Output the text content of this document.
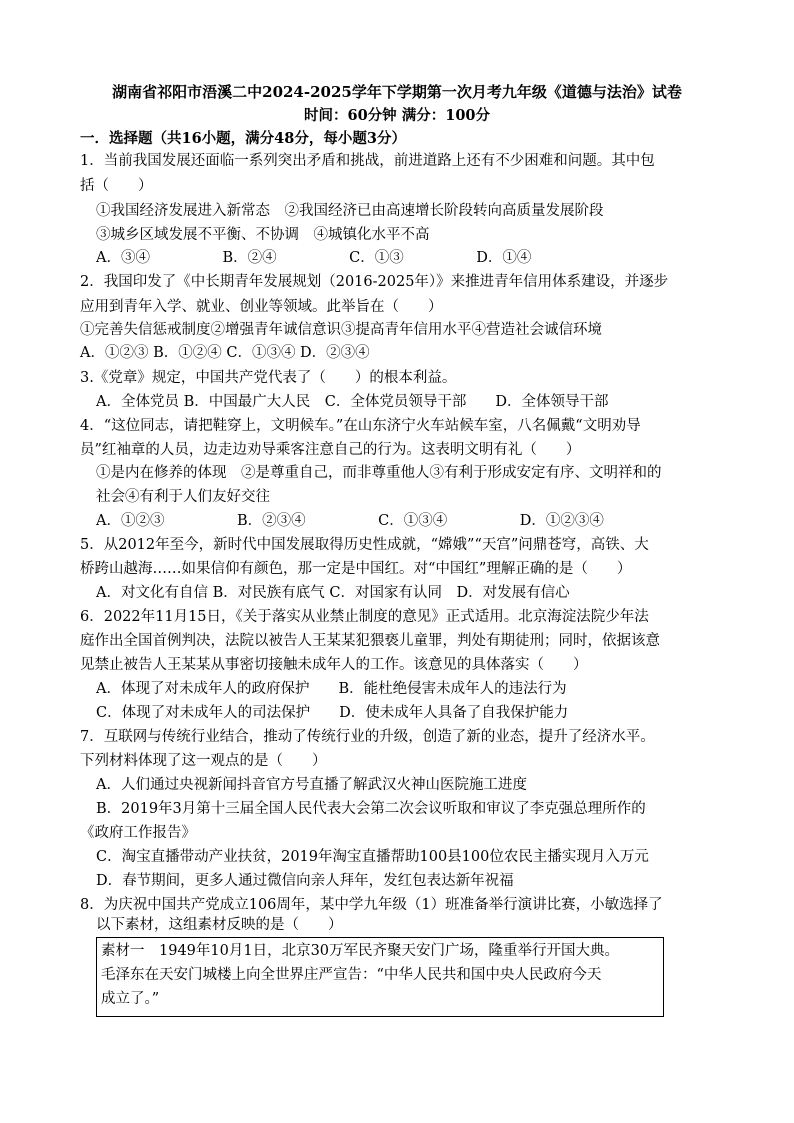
湖南省祁阳市浯溪二中2024-2025学年下学期第一次月考九年级《道德与法治》试卷
时间：60分钟 满分：100分
一．选择题（共16小题，满分48分，每小题3分）
1．当前我国发展还面临一系列突出矛盾和挑战，前进道路上还有不少困难和问题。其中包
括（　　）
①我国经济发展进入新常态　②我国经济已由高速增长阶段转向高质量发展阶段
③城乡区域发展不平衡、不协调　④城镇化水平不高
A．③④　　　　　B．②④　　　　　C．①③　　　　　D．①④
2．我国印发了《中长期青年发展规划（2016-2025年）》来推进青年信用体系建设，并逐步
应用到青年入学、就业、创业等领域。此举旨在（　　）
①完善失信惩戒制度②增强青年诚信意识③提高青年信用水平④营造社会诚信环境
A．①②③ B．①②④ C．①③④ D．②③④
3.《党章》规定，中国共产党代表了（　　）的根本利益。
A．全体党员 B．中国最广大人民　C．全体党员领导干部　　D．全体领导干部
4．“这位同志，请把鞋穿上，文明候车。”在山东济宁火车站候车室，八名佩戴“文明劝导
员”红袖章的人员，边走边劝导乘客注意自己的行为。这表明文明有礼（　　）
①是内在修养的体现　②是尊重自己，而非尊重他人③有利于形成安定有序、文明祥和的
社会④有利于人们友好交往
A．①②③　　　　　B．②③④　　　　　C．①③④　　　　　D．①②③④
5．从2012年至今，新时代中国发展取得历史性成就，“嫦娥”“天宫”问鼎苍穹，高铁、大
桥跨山越海……如果信仰有颜色，那一定是中国红。对“中国红”理解正确的是（　　）
A．对文化有自信 B．对民族有底气 C．对国家有认同　D．对发展有信心
6．2022年11月15日，《关于落实从业禁止制度的意见》正式适用。北京海淀法院少年法
庭作出全国首例判决，法院以被告人王某某犯猥亵儿童罪，判处有期徒刑；同时，依据该意
见禁止被告人王某某从事密切接触未成年人的工作。该意见的具体落实（　　）
A．体现了对未成年人的政府保护　　B．能杜绝侵害未成年人的违法行为
C．体现了对未成年人的司法保护　　D．使未成年人具备了自我保护能力
7．互联网与传统行业结合，推动了传统行业的升级，创造了新的业态，提升了经济水平。
下列材料体现了这一观点的是（　　）
A．人们通过央视新闻抖音官方号直播了解武汉火神山医院施工进度
B．2019年3月第十三届全国人民代表大会第二次会议听取和审议了李克强总理所作的
《政府工作报告》
C．淘宝直播带动产业扶贫，2019年淘宝直播帮助100县100位农民主播实现月入万元
D．春节期间，更多人通过微信向亲人拜年，发红包表达新年祝福
8．为庆祝中国共产党成立106周年，某中学九年级（1）班准备举行演讲比赛，小敏选择了
以下素材，这组素材反映的是（　　）
素材一　1949年10月1日，北京30万军民齐聚天安门广场，隆重举行开国大典。
毛泽东在天安门城楼上向全世界庄严宣告：“中华人民共和国中央人民政府今天
成立了。”
